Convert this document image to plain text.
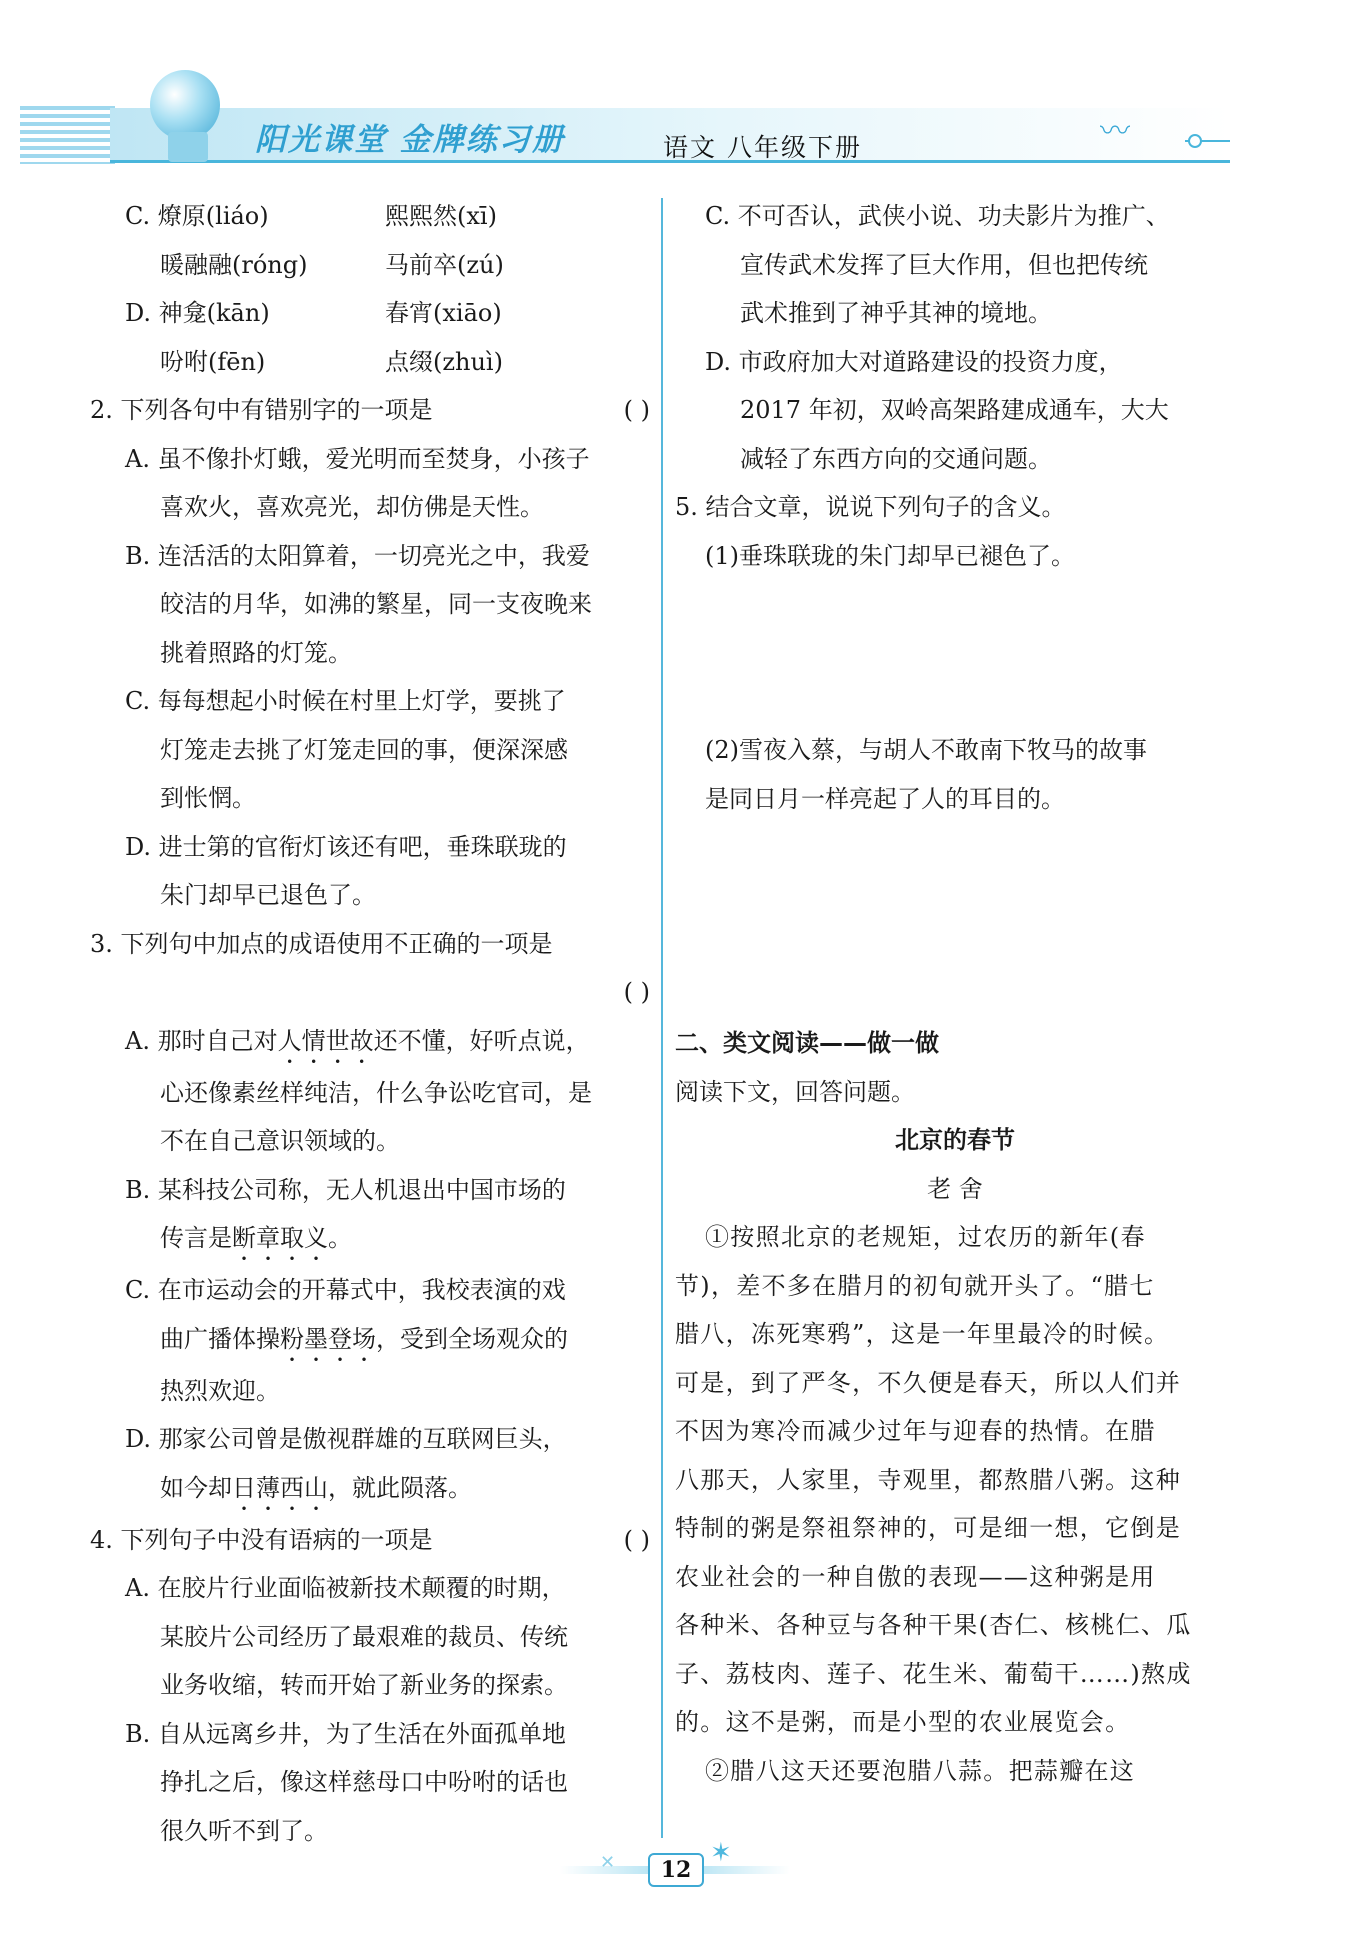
阳光课堂 金牌练习册	语文 八年级下册	〰
C. 燎原(liáo)	熙熙然(xī)
暖融融(róng)	马前卒(zú)
D. 神龛(kān)	春宵(xiāo)
吩咐(fēn)	点缀(zhuì)
2. 下列各句中有错别字的一项是	( )
A. 虽不像扑灯蛾，爱光明而至焚身，小孩子
喜欢火，喜欢亮光，却仿佛是天性。
B. 连活活的太阳算着，一切亮光之中，我爱
皎洁的月华，如沸的繁星，同一支夜晚来
挑着照路的灯笼。
C. 每每想起小时候在村里上灯学，要挑了
灯笼走去挑了灯笼走回的事，便深深感
到怅惘。
D. 进士第的官衔灯该还有吧，垂珠联珑的
朱门却早已退色了。
3. 下列句中加点的成语使用不正确的一项是
( )
A. 那时自己对人情世故还不懂，好听点说，
心还像素丝样纯洁，什么争讼吃官司，是
不在自己意识领域的。
B. 某科技公司称，无人机退出中国市场的
传言是断章取义。
C. 在市运动会的开幕式中，我校表演的戏
曲广播体操粉墨登场，受到全场观众的
热烈欢迎。
D. 那家公司曾是傲视群雄的互联网巨头，
如今却日薄西山，就此陨落。
4. 下列句子中没有语病的一项是	( )
A. 在胶片行业面临被新技术颠覆的时期，
某胶片公司经历了最艰难的裁员、传统
业务收缩，转而开始了新业务的探索。
B. 自从远离乡井，为了生活在外面孤单地
挣扎之后，像这样慈母口中吩咐的话也
很久听不到了。
C. 不可否认，武侠小说、功夫影片为推广、
宣传武术发挥了巨大作用，但也把传统
武术推到了神乎其神的境地。
D. 市政府加大对道路建设的投资力度，
2017 年初，双岭高架路建成通车，大大
减轻了东西方向的交通问题。
5. 结合文章，说说下列句子的含义。
(1)垂珠联珑的朱门却早已褪色了。
(2)雪夜入蔡，与胡人不敢南下牧马的故事
是同日月一样亮起了人的耳目的。
二、类文阅读——做一做
阅读下文，回答问题。
北京的春节
老 舍
①按照北京的老规矩，过农历的新年(春
节)，差不多在腊月的初旬就开头了。“腊七
腊八，冻死寒鸦”，这是一年里最冷的时候。
可是，到了严冬，不久便是春天，所以人们并
不因为寒冷而减少过年与迎春的热情。在腊
八那天，人家里，寺观里，都熬腊八粥。这种
特制的粥是祭祖祭神的，可是细一想，它倒是
农业社会的一种自傲的表现——这种粥是用
各种米、各种豆与各种干果(杏仁、核桃仁、瓜
子、荔枝肉、莲子、花生米、葡萄干……)熬成
的。这不是粥，而是小型的农业展览会。
②腊八这天还要泡腊八蒜。把蒜瓣在这
✕	12
✶
